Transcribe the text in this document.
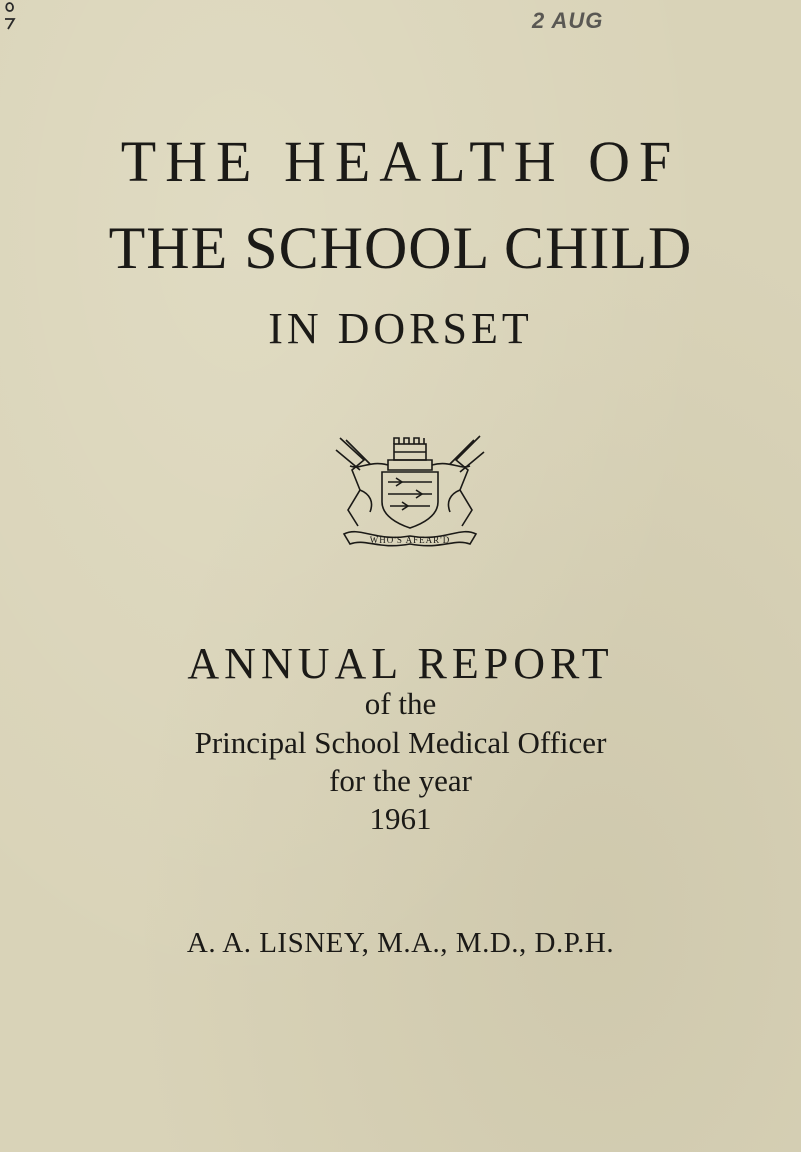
2 AUG
THE HEALTH OF
THE SCHOOL CHILD
IN DORSET
WHO'S AFEAR'D
ANNUAL REPORT
of the
Principal School Medical Officer
for the year
1961
A. A. LISNEY, M.A., M.D., D.P.H.
